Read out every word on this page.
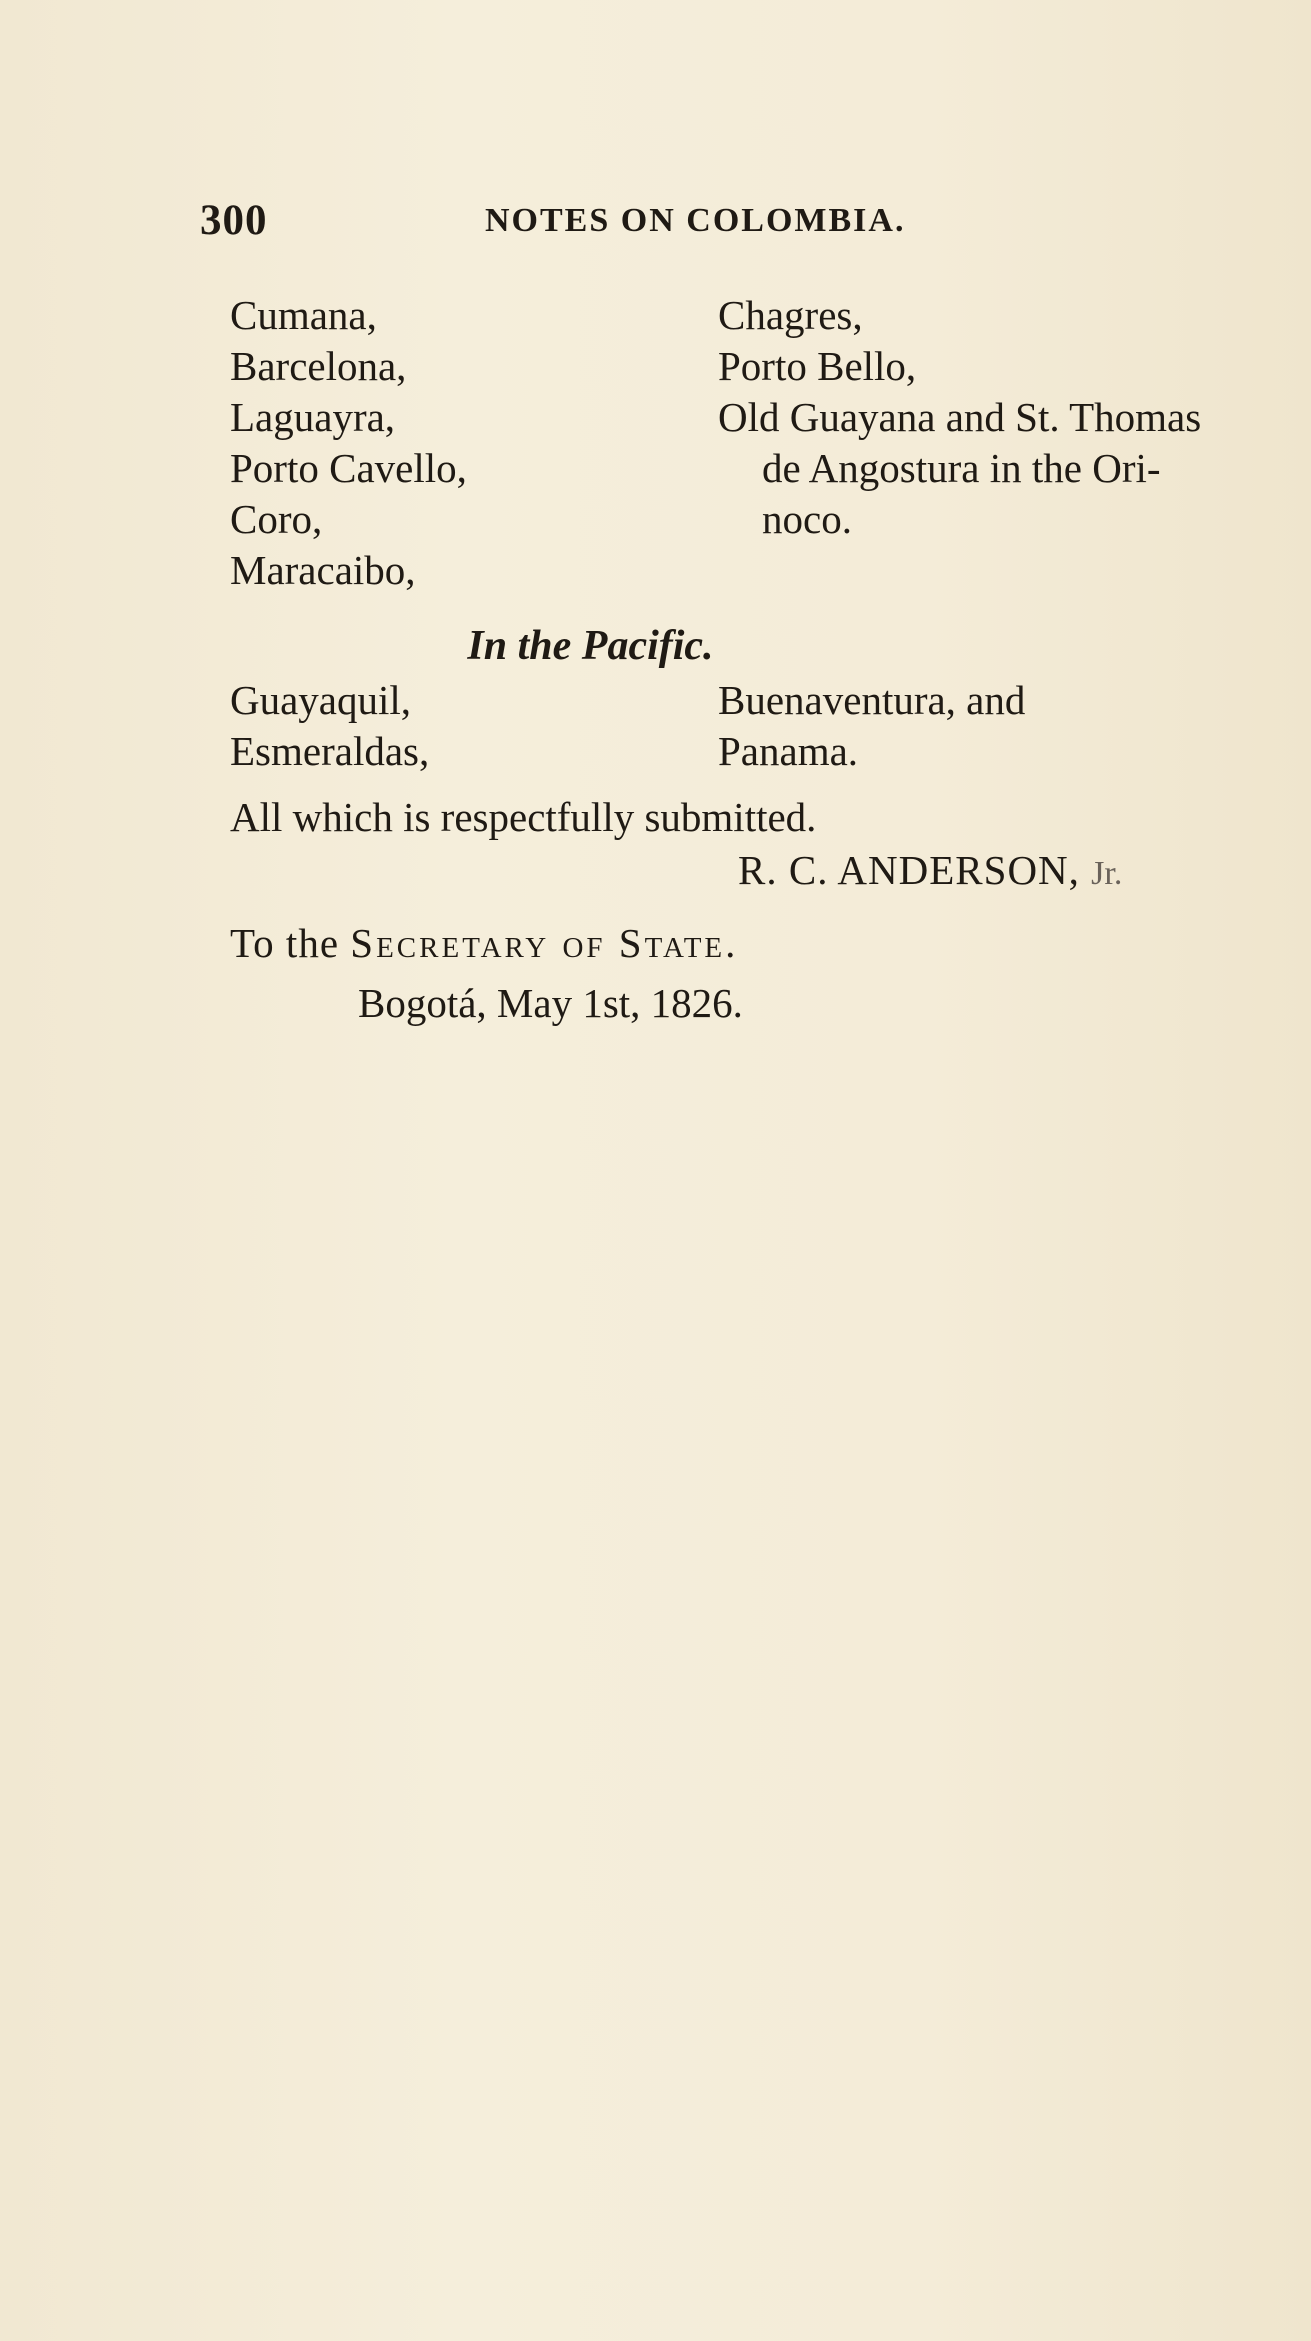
300	NOTES ON COLOMBIA.
Cumana,
Barcelona,
Laguayra,
Porto Cavello,
Coro,
Maracaibo,
Chagres,
Porto Bello,
Old Guayana and St. Thomas
de Angostura in the Ori-
noco.
In the Pacific.
Guayaquil,
Esmeraldas,
Buenaventura, and
Panama.
All which is respectfully submitted.
R. C. ANDERSON, Jr.
To the Secretary of State.
Bogotá, May 1st, 1826.
